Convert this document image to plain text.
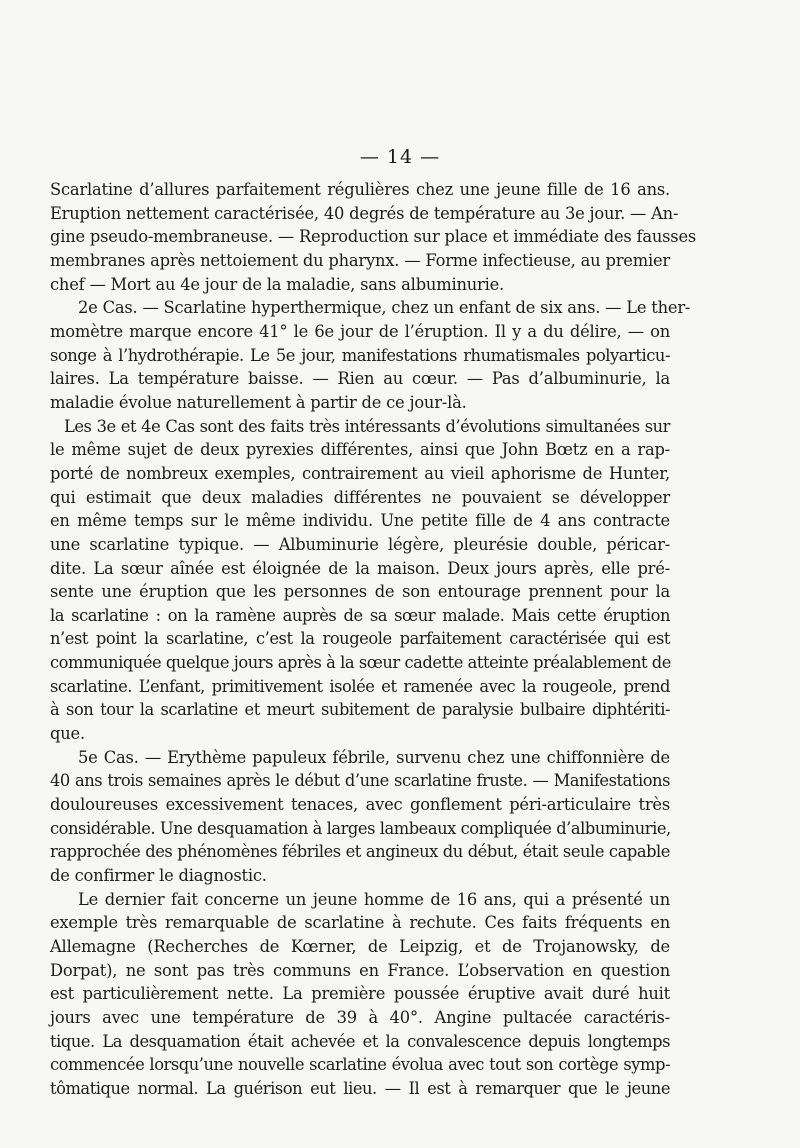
— 14 —
Scarlatine d’allures parfaitement régulières chez une jeune fille de 16 ans.
Eruption nettement caractérisée, 40 degrés de température au 3e jour. — An-
gine pseudo-membraneuse. — Reproduction sur place et immédiate des fausses
membranes après nettoiement du pharynx. — Forme infectieuse, au premier
chef — Mort au 4e jour de la maladie, sans albuminurie.
2e Cas. — Scarlatine hyperthermique, chez un enfant de six ans. — Le ther-
momètre marque encore 41° le 6e jour de l’éruption. Il y a du délire, — on
songe à l’hydrothérapie. Le 5e jour, manifestations rhumatismales polyarticu-
laires. La température baisse. — Rien au cœur. — Pas d’albuminurie, la
maladie évolue naturellement à partir de ce jour-là.
Les 3e et 4e Cas sont des faits très intéressants d’évolutions simultanées sur
le même sujet de deux pyrexies différentes, ainsi que John Bœtz en a rap-
porté de nombreux exemples, contrairement au vieil aphorisme de Hunter,
qui estimait que deux maladies différentes ne pouvaient se développer
en même temps sur le même individu. Une petite fille de 4 ans contracte
une scarlatine typique. — Albuminurie légère, pleurésie double, péricar-
dite. La sœur aînée est éloignée de la maison. Deux jours après, elle pré-
sente une éruption que les personnes de son entourage prennent pour la
la scarlatine : on la ramène auprès de sa sœur malade. Mais cette éruption
n’est point la scarlatine, c’est la rougeole parfaitement caractérisée qui est
communiquée quelque jours après à la sœur cadette atteinte préalablement de
scarlatine. L’enfant, primitivement isolée et ramenée avec la rougeole, prend
à son tour la scarlatine et meurt subitement de paralysie bulbaire diphtériti-
que.
5e Cas. — Erythème papuleux fébrile, survenu chez une chiffonnière de
40 ans trois semaines après le début d’une scarlatine fruste. — Manifestations
douloureuses excessivement tenaces, avec gonflement péri-articulaire très
considérable. Une desquamation à larges lambeaux compliquée d’albuminurie,
rapprochée des phénomènes fébriles et angineux du début, était seule capable
de confirmer le diagnostic.
Le dernier fait concerne un jeune homme de 16 ans, qui a présenté un
exemple très remarquable de scarlatine à rechute. Ces faits fréquents en
Allemagne (Recherches de Kœrner, de Leipzig, et de Trojanowsky, de
Dorpat), ne sont pas très communs en France. L’observation en question
est particulièrement nette. La première poussée éruptive avait duré huit
jours avec une température de 39 à 40°. Angine pultacée caractéris-
tique. La desquamation était achevée et la convalescence depuis longtemps
commencée lorsqu’une nouvelle scarlatine évolua avec tout son cortège symp-
tômatique normal. La guérison eut lieu. — Il est à remarquer que le jeune
